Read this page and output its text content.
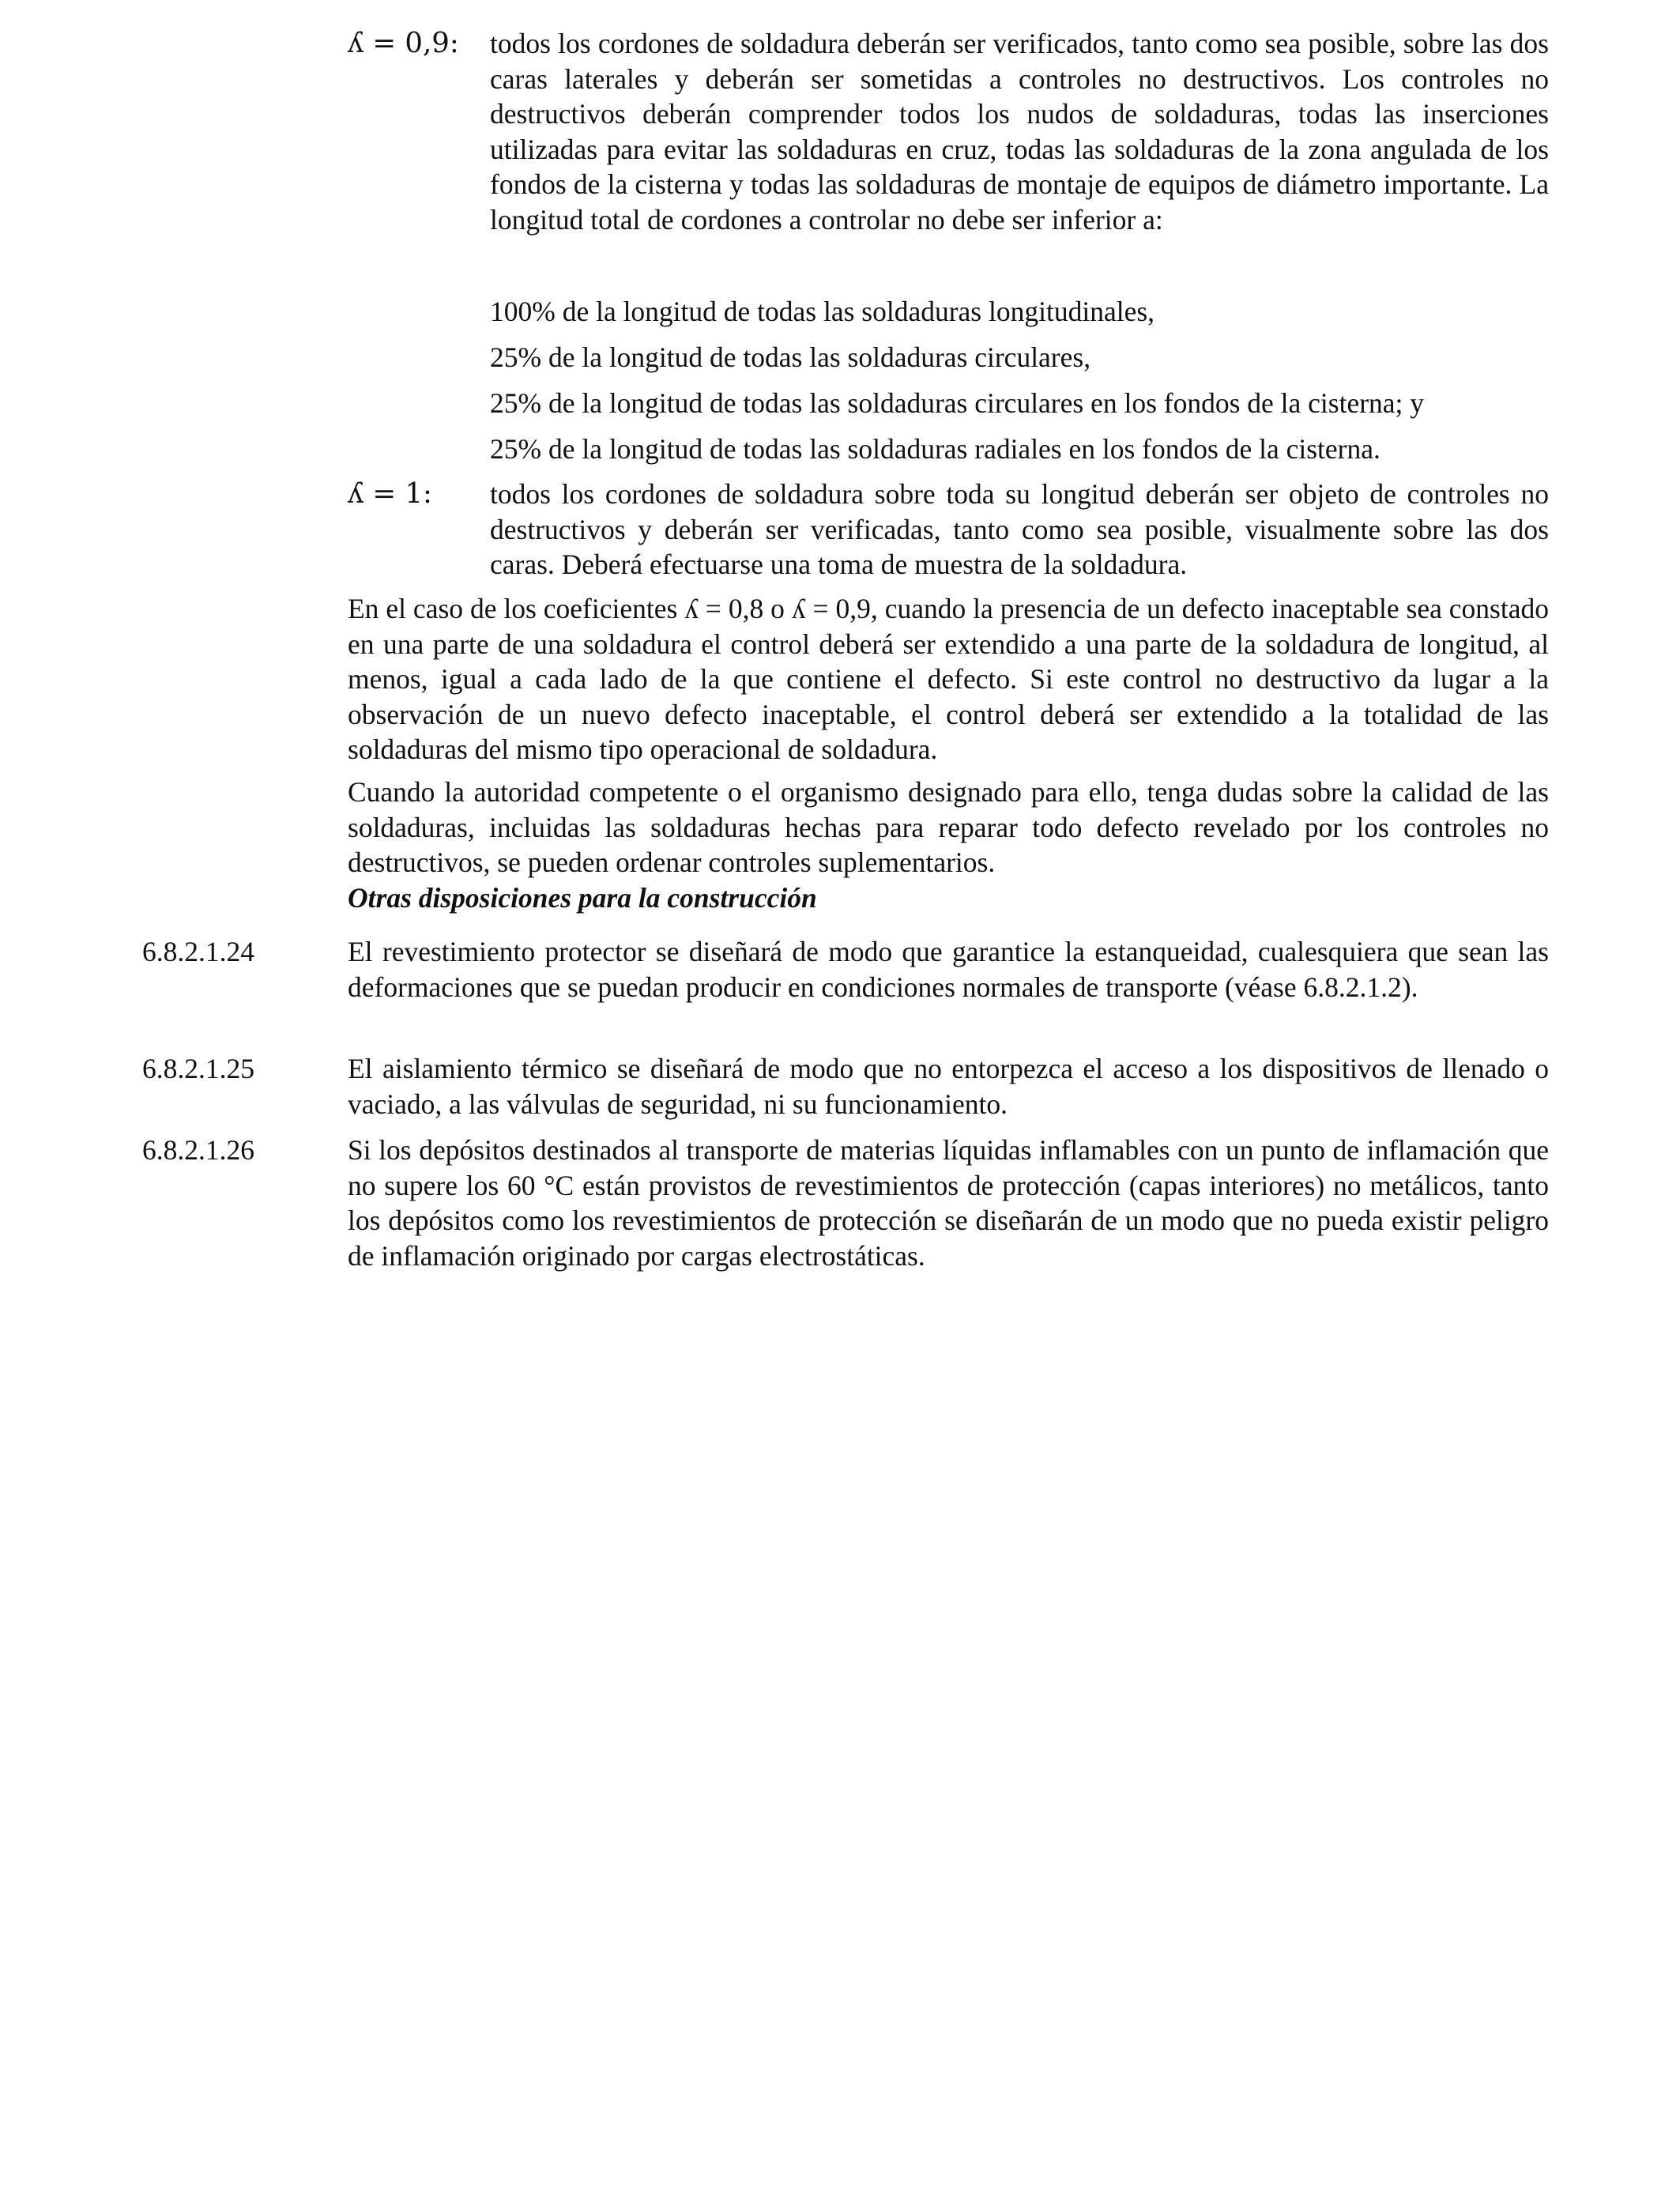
ʎ = 0,9:	todos los cordones de soldadura deberán ser verificados, tanto como sea posible, sobre las dos caras laterales y deberán ser sometidas a controles no destructivos. Los controles no destructivos deberán comprender todos los nudos de soldaduras, todas las inserciones utilizadas para evitar las soldaduras en cruz, todas las soldaduras de la zona angulada de los fondos de la cisterna y todas las soldaduras de montaje de equipos de diámetro importante. La longitud total de cordones a controlar no debe ser inferior a:
100% de la longitud de todas las soldaduras longitudinales,
25% de la longitud de todas las soldaduras circulares,
25% de la longitud de todas las soldaduras circulares en los fondos de la cisterna; y
25% de la longitud de todas las soldaduras radiales en los fondos de la cisterna.
ʎ = 1:	todos los cordones de soldadura sobre toda su longitud deberán ser objeto de controles no destructivos y deberán ser verificadas, tanto como sea posible, visualmente sobre las dos caras. Deberá efectuarse una toma de muestra de la soldadura.
En el caso de los coeficientes ʎ = 0,8 o ʎ = 0,9, cuando la presencia de un defecto inaceptable sea constado en una parte de una soldadura el control deberá ser extendido a una parte de la soldadura de longitud, al menos, igual a cada lado de la que contiene el defecto. Si este control no destructivo da lugar a la observación de un nuevo defecto inaceptable, el control deberá ser extendido a la totalidad de las soldaduras del mismo tipo operacional de soldadura.
Cuando la autoridad competente o el organismo designado para ello, tenga dudas sobre la calidad de las soldaduras, incluidas las soldaduras hechas para reparar todo defecto revelado por los controles no destructivos, se pueden ordenar controles suplementarios.
Otras disposiciones para la construcción
6.8.2.1.24	El revestimiento protector se diseñará de modo que garantice la estanqueidad, cualesquiera que sean las deformaciones que se puedan producir en condiciones normales de transporte (véase 6.8.2.1.2).
6.8.2.1.25	El aislamiento térmico se diseñará de modo que no entorpezca el acceso a los dispositivos de llenado o vaciado, a las válvulas de seguridad, ni su funcionamiento.
6.8.2.1.26	Si los depósitos destinados al transporte de materias líquidas inflamables con un punto de inflamación que no supere los 60 °C están provistos de revestimientos de protección (capas interiores) no metálicos, tanto los depósitos como los revestimientos de protección se diseñarán de un modo que no pueda existir peligro de inflamación originado por cargas electrostáticas.
